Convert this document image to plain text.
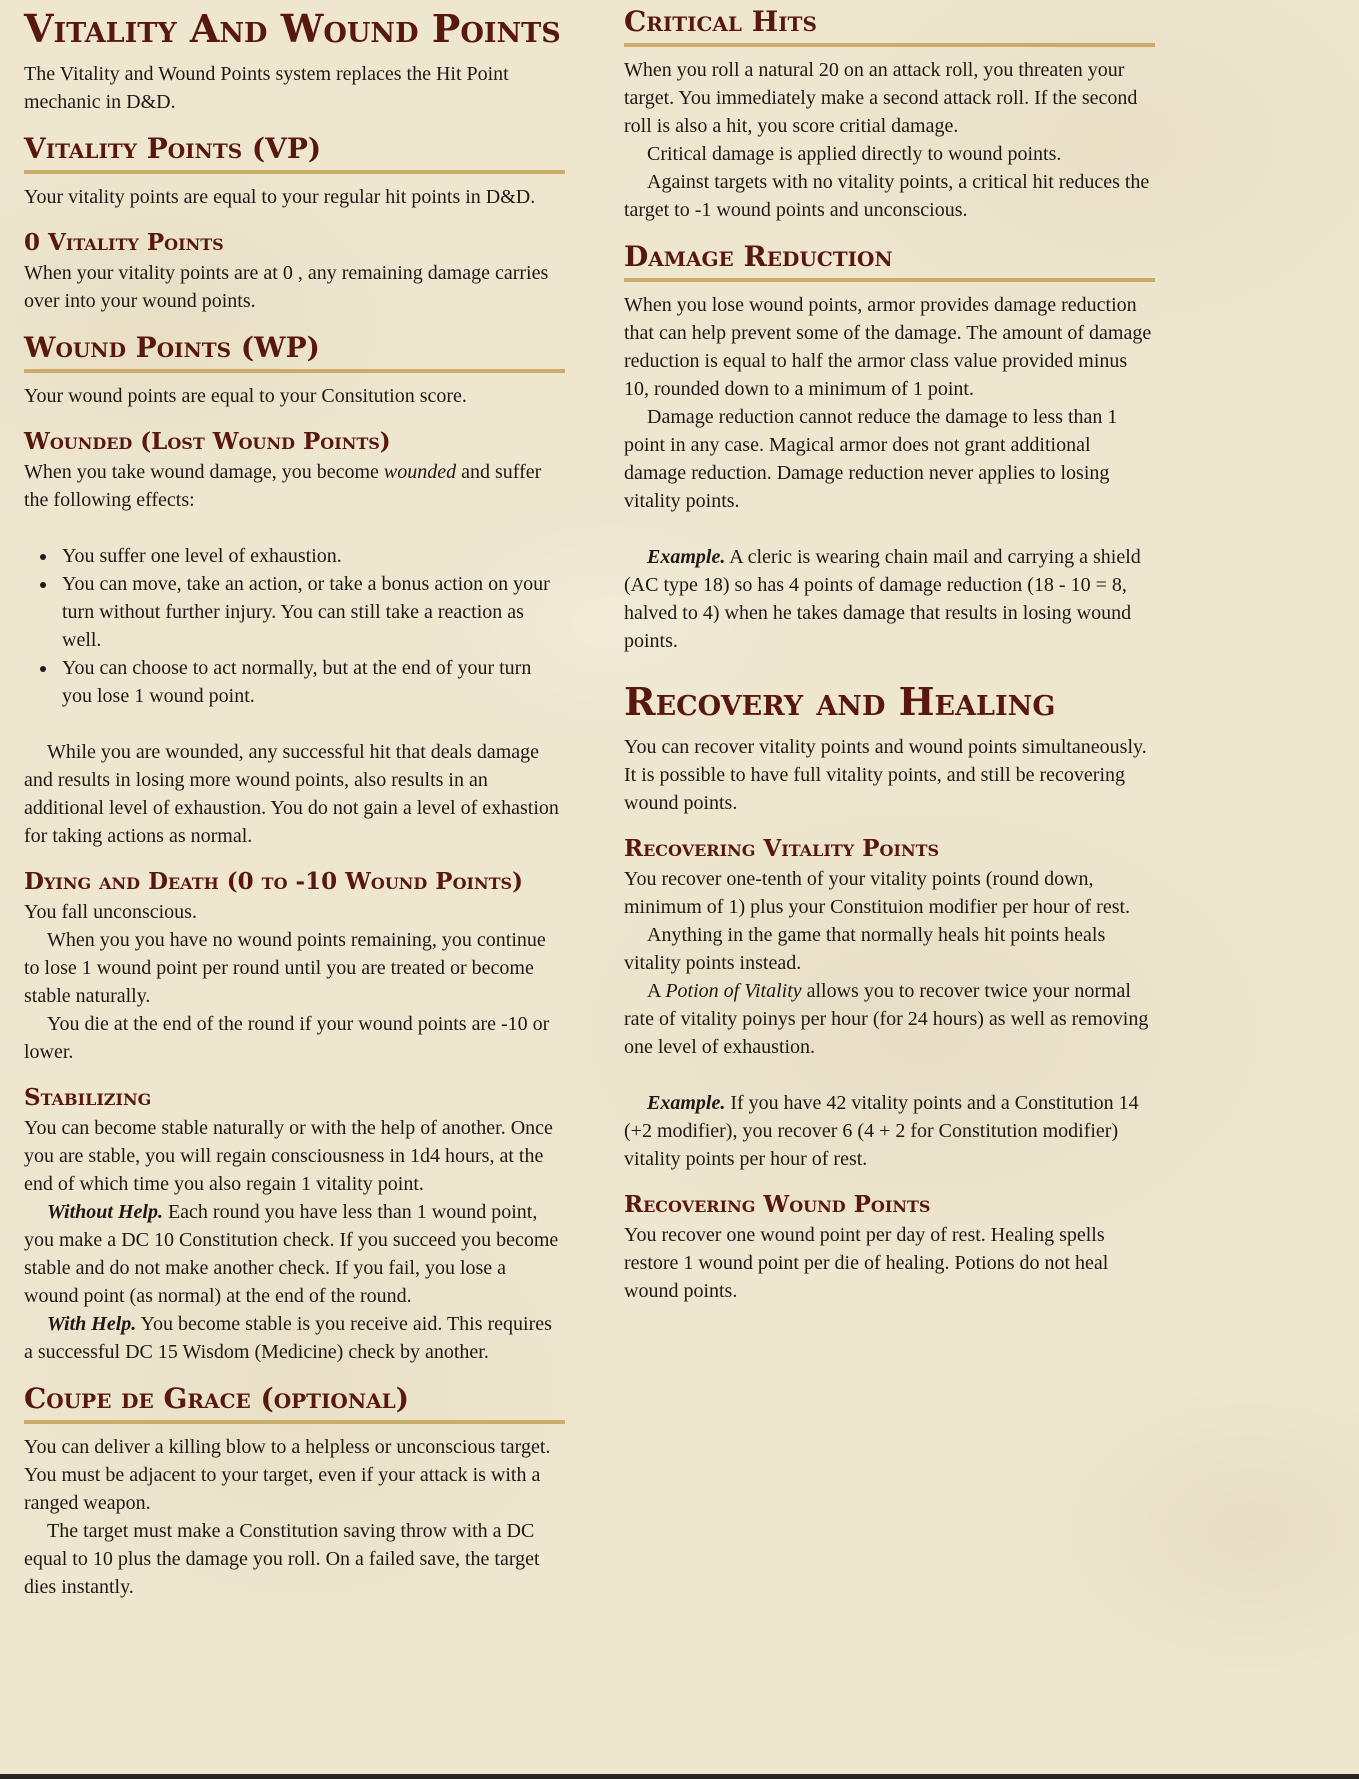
Vitality And Wound Points

The Vitality and Wound Points system replaces the Hit Point mechanic in D&D.

Vitality Points (VP)

Your vitality points are equal to your regular hit points in D&D.

0 Vitality Points

When your vitality points are at 0 , any remaining damage carries over into your wound points.

Wound Points (WP)

Your wound points are equal to your Consitution score.

Wounded (Lost Wound Points)

When you take wound damage, you become wounded and suffer the following effects:

• You suffer one level of exhaustion.
• You can move, take an action, or take a bonus action on your turn without further injury. You can still take a reaction as well.
• You can choose to act normally, but at the end of your turn you lose 1 wound point.

While you are wounded, any successful hit that deals damage and results in losing more wound points, also results in an additional level of exhaustion. You do not gain a level of exhastion for taking actions as normal.

Dying and Death (0 to -10 Wound Points)

You fall unconscious.

When you you have no wound points remaining, you continue to lose 1 wound point per round until you are treated or become stable naturally.

You die at the end of the round if your wound points are -10 or lower.

Stabilizing

You can become stable naturally or with the help of another. Once you are stable, you will regain consciousness in 1d4 hours, at the end of which time you also regain 1 vitality point.

Without Help. Each round you have less than 1 wound point, you make a DC 10 Constitution check. If you succeed you become stable and do not make another check. If you fail, you lose a wound point (as normal) at the end of the round.

With Help. You become stable is you receive aid. This requires a successful DC 15 Wisdom (Medicine) check by another.

Coupe de Grace (optional)

You can deliver a killing blow to a helpless or unconscious target. You must be adjacent to your target, even if your attack is with a ranged weapon.

The target must make a Constitution saving throw with a DC equal to 10 plus the damage you roll. On a failed save, the target dies instantly.

Critical Hits

When you roll a natural 20 on an attack roll, you threaten your target. You immediately make a second attack roll. If the second roll is also a hit, you score critial damage.

Critical damage is applied directly to wound points.

Against targets with no vitality points, a critical hit reduces the target to -1 wound points and unconscious.

Damage Reduction

When you lose wound points, armor provides damage reduction that can help prevent some of the damage. The amount of damage reduction is equal to half the armor class value provided minus 10, rounded down to a minimum of 1 point.

Damage reduction cannot reduce the damage to less than 1 point in any case. Magical armor does not grant additional damage reduction. Damage reduction never applies to losing vitality points.

Example. A cleric is wearing chain mail and carrying a shield (AC type 18) so has 4 points of damage reduction (18 - 10 = 8, halved to 4) when he takes damage that results in losing wound points.

Recovery and Healing

You can recover vitality points and wound points simultaneously. It is possible to have full vitality points, and still be recovering wound points.

Recovering Vitality Points

You recover one-tenth of your vitality points (round down, minimum of 1) plus your Constituion modifier per hour of rest.

Anything in the game that normally heals hit points heals vitality points instead.

A Potion of Vitality allows you to recover twice your normal rate of vitality poinys per hour (for 24 hours) as well as removing one level of exhaustion.

Example. If you have 42 vitality points and a Constitution 14 (+2 modifier), you recover 6 (4 + 2 for Constitution modifier) vitality points per hour of rest.

Recovering Wound Points

You recover one wound point per day of rest. Healing spells restore 1 wound point per die of healing. Potions do not heal wound points.
